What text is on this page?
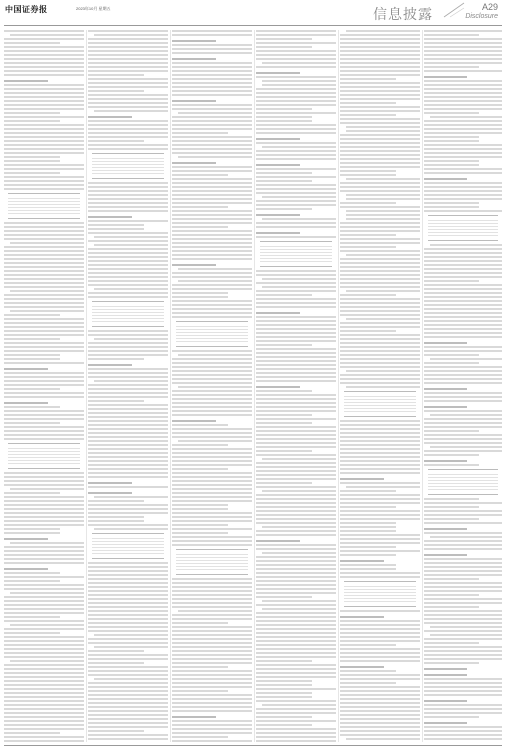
中国证券报	2023年10月 星期五	信息披露	A29
Disclosure
